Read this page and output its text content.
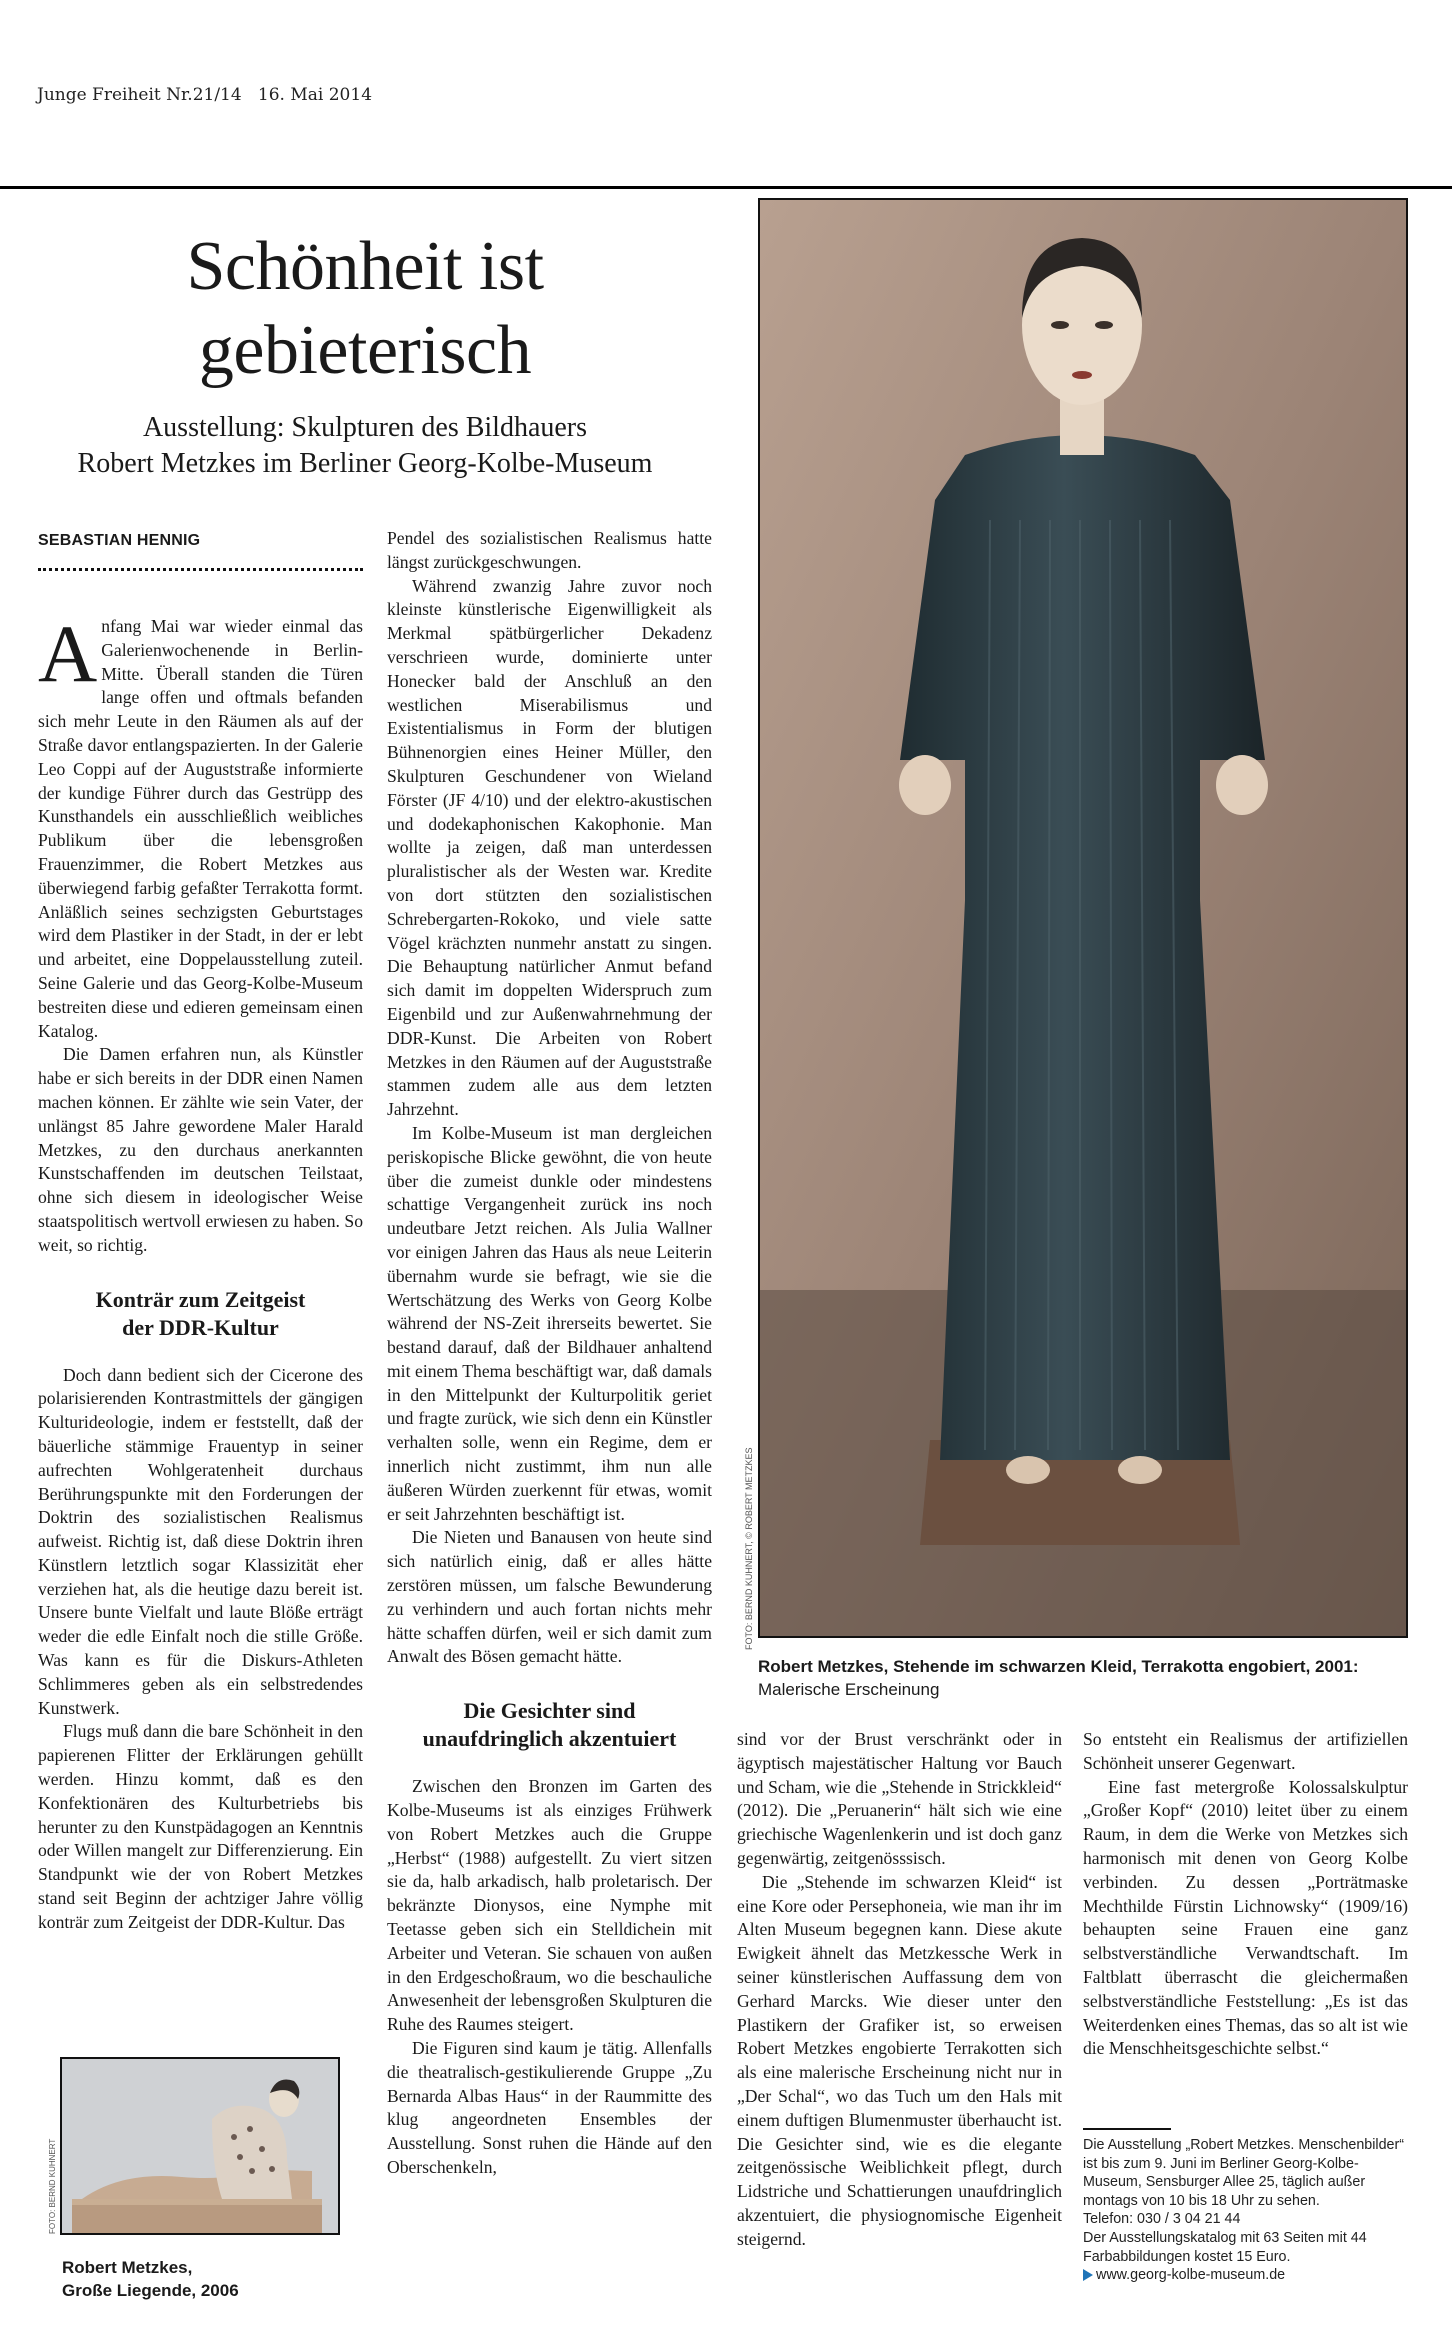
Junge Freiheit Nr.21/14 16. Mai 2014
Schönheit ist
gebieterisch
Ausstellung: Skulpturen des Bildhauers
Robert Metzkes im Berliner Georg-Kolbe-Museum
SEBASTIAN HENNIG

Anfang Mai war wieder einmal das Galerienwochenende in Berlin-Mitte. Überall standen die Türen lange offen und oftmals befanden sich mehr Leute in den Räumen als auf der Straße davor entlangspazierten. In der Galerie Leo Coppi auf der Auguststraße informierte der kundige Führer durch das Gestrüpp des Kunsthandels ein ausschließlich weibliches Publikum über die lebensgroßen Frauenzimmer, die Robert Metzkes aus überwiegend farbig gefaßter Terrakotta formt. Anläßlich seines sechzigsten Geburtstages wird dem Plastiker in der Stadt, in der er lebt und arbeitet, eine Doppelausstellung zuteil. Seine Galerie und das Georg-Kolbe-Museum bestreiten diese und edieren gemeinsam einen Katalog.

Die Damen erfahren nun, als Künstler habe er sich bereits in der DDR einen Namen machen können. Er zählte wie sein Vater, der unlängst 85 Jahre gewordene Maler Harald Metzkes, zu den durchaus anerkannten Kunstschaffenden im deutschen Teilstaat, ohne sich diesem in ideologischer Weise staatspolitisch wertvoll erwiesen zu haben. So weit, so richtig.

Konträr zum Zeitgeist
der DDR-Kultur

Doch dann bedient sich der Cicerone des polarisierenden Kontrastmittels der gängigen Kulturideologie, indem er feststellt, daß der bäuerliche stämmige Frauentyp in seiner aufrechten Wohlgeratenheit durchaus Berührungspunkte mit den Forderungen der Doktrin des sozialistischen Realismus aufweist. Richtig ist, daß diese Doktrin ihren Künstlern letztlich sogar Klassizität eher verziehen hat, als die heutige dazu bereit ist. Unsere bunte Vielfalt und laute Blöße erträgt weder die edle Einfalt noch die stille Größe. Was kann es für die Diskurs-Athleten Schlimmeres geben als ein selbstredendes Kunstwerk.

Flugs muß dann die bare Schönheit in den papierenen Flitter der Erklärungen gehüllt werden. Hinzu kommt, daß es den Konfektionären des Kulturbetriebs bis herunter zu den Kunstpädagogen an Kenntnis oder Willen mangelt zur Differenzierung. Ein Standpunkt wie der von Robert Metzkes stand seit Beginn der achtziger Jahre völlig konträr zum Zeitgeist der DDR-Kultur. Das

FOTO: BERND KUHNERT
Robert Metzkes,
Große Liegende, 2006

Pendel des sozialistischen Realismus hatte längst zurückgeschwungen.

Während zwanzig Jahre zuvor noch kleinste künstlerische Eigenwilligkeit als Merkmal spätbürgerlicher Dekadenz verschrieen wurde, dominierte unter Honecker bald der Anschluß an den westlichen Miserabilismus und Existentialismus in Form der blutigen Bühnenorgien eines Heiner Müller, den Skulpturen Geschundener von Wieland Förster (JF 4/10) und der elektro-akustischen und dodekaphonischen Kakophonie. Man wollte ja zeigen, daß man unterdessen pluralistischer als der Westen war. Kredite von dort stützten den sozialistischen Schrebergarten-Rokoko, und viele satte Vögel krächzten nunmehr anstatt zu singen. Die Behauptung natürlicher Anmut befand sich damit im doppelten Widerspruch zum Eigenbild und zur Außenwahrnehmung der DDR-Kunst. Die Arbeiten von Robert Metzkes in den Räumen auf der Auguststraße stammen zudem alle aus dem letzten Jahrzehnt.

Im Kolbe-Museum ist man dergleichen periskopische Blicke gewöhnt, die von heute über die zumeist dunkle oder mindestens schattige Vergangenheit zurück ins noch undeutbare Jetzt reichen. Als Julia Wallner vor einigen Jahren das Haus als neue Leiterin übernahm wurde sie befragt, wie sie die Wertschätzung des Werks von Georg Kolbe während der NS-Zeit ihrerseits bewertet. Sie bestand darauf, daß der Bildhauer anhaltend mit einem Thema beschäftigt war, daß damals in den Mittelpunkt der Kulturpolitik geriet und fragte zurück, wie sich denn ein Künstler verhalten solle, wenn ein Regime, dem er innerlich nicht zustimmt, ihm nun alle äußeren Würden zuerkennt für etwas, womit er seit Jahrzehnten beschäftigt ist.

Die Nieten und Banausen von heute sind sich natürlich einig, daß er alles hätte zerstören müssen, um falsche Bewunderung zu verhindern und auch fortan nichts mehr hätte schaffen dürfen, weil er sich damit zum Anwalt des Bösen gemacht hätte.

Die Gesichter sind
unaufdringlich akzentuiert

Zwischen den Bronzen im Garten des Kolbe-Museums ist als einziges Frühwerk von Robert Metzkes auch die Gruppe „Herbst“ (1988) aufgestellt. Zu viert sitzen sie da, halb arkadisch, halb proletarisch. Der bekränzte Dionysos, eine Nymphe mit Teetasse geben sich ein Stelldichein mit Arbeiter und Veteran. Sie schauen von außen in den Erdgeschoßraum, wo die beschauliche Anwesenheit der lebensgroßen Skulpturen die Ruhe des Raumes steigert.

Die Figuren sind kaum je tätig. Allenfalls die theatralisch-gestikulierende Gruppe „Zu Bernarda Albas Haus“ in der Raummitte des klug angeordneten Ensembles der Ausstellung. Sonst ruhen die Hände auf den Oberschenkeln,

FOTO: BERND KUHNERT, © ROBERT METZKES
Robert Metzkes, Stehende im schwarzen Kleid, Terrakotta engobiert, 2001: Malerische Erscheinung

sind vor der Brust verschränkt oder in ägyptisch majestätischer Haltung vor Bauch und Scham, wie die „Stehende in Strickkleid“ (2012). Die „Peruanerin“ hält sich wie eine griechische Wagenlenkerin und ist doch ganz gegenwärtig, zeitgenösssisch.

Die „Stehende im schwarzen Kleid“ ist eine Kore oder Persephoneia, wie man ihr im Alten Museum begegnen kann. Diese akute Ewigkeit ähnelt das Metzkessche Werk in seiner künstlerischen Auffassung dem von Gerhard Marcks. Wie dieser unter den Plastikern der Grafiker ist, so erweisen Robert Metzkes engobierte Terrakotten sich als eine malerische Erscheinung nicht nur in „Der Schal“, wo das Tuch um den Hals mit einem duftigen Blumenmuster überhaucht ist. Die Gesichter sind, wie es die elegante zeitgenössische Weiblichkeit pflegt, durch Lidstriche und Schattierungen unaufdringlich akzentuiert, die physiognomische Eigenheit steigernd.

So entsteht ein Realismus der artifiziellen Schönheit unserer Gegenwart.

Eine fast metergroße Kolossalskulptur „Großer Kopf“ (2010) leitet über zu einem Raum, in dem die Werke von Metzkes sich harmonisch mit denen von Georg Kolbe verbinden. Zu dessen „Porträtmaske Mechthilde Fürstin Lichnowsky“ (1909/16) behaupten seine Frauen eine ganz selbstverständliche Verwandtschaft. Im Faltblatt überrascht die gleichermaßen selbstverständliche Feststellung: „Es ist das Weiterdenken eines Themas, das so alt ist wie die Menschheitsgeschichte selbst.“

Die Ausstellung „Robert Metzkes. Menschenbilder“ ist bis zum 9. Juni im Berliner Georg-Kolbe-Museum, Sensburger Allee 25, täglich außer montags von 10 bis 18 Uhr zu sehen.
Telefon: 030 / 3 04 21 44
Der Ausstellungskatalog mit 63 Seiten mit 44 Farbabbildungen kostet 15 Euro.
www.georg-kolbe-museum.de
